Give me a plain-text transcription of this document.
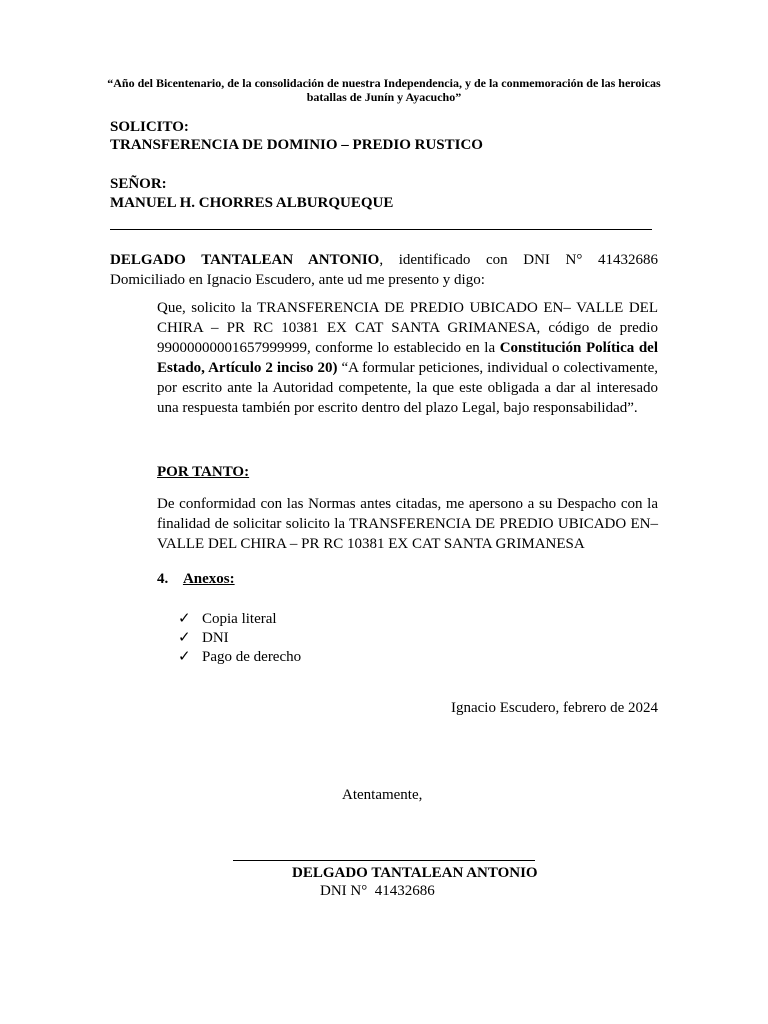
“Año del Bicentenario, de la consolidación de nuestra Independencia, y de la conmemoración de las heroicas
batallas de Junín y Ayacucho”
SOLICITO:
TRANSFERENCIA DE DOMINIO – PREDIO RUSTICO
SEÑOR:
MANUEL H. CHORRES ALBURQUEQUE
DELGADO TANTALEAN ANTONIO, identificado con DNI N° 41432686
Domiciliado en Ignacio Escudero, ante ud me presento y digo:
Que, solicito la TRANSFERENCIA DE PREDIO UBICADO EN– VALLE DEL CHIRA – PR RC 10381 EX CAT SANTA GRIMANESA, código de predio 99000000001657999999, conforme lo establecido en la Constitución Política del Estado, Artículo 2 inciso 20) “A formular peticiones, individual o colectivamente, por escrito ante la Autoridad competente, la que este obligada a dar al interesado una respuesta también por escrito dentro del plazo Legal, bajo responsabilidad”.
POR TANTO:
De conformidad con las Normas antes citadas, me apersono a su Despacho con la finalidad de solicitar solicito la TRANSFERENCIA DE PREDIO UBICADO EN– VALLE DEL CHIRA – PR RC 10381 EX CAT SANTA GRIMANESA
4. Anexos:
✓ Copia literal
✓ DNI
✓ Pago de derecho
Ignacio Escudero, febrero de 2024
Atentamente,
DELGADO TANTALEAN ANTONIO
DNI N°  41432686
